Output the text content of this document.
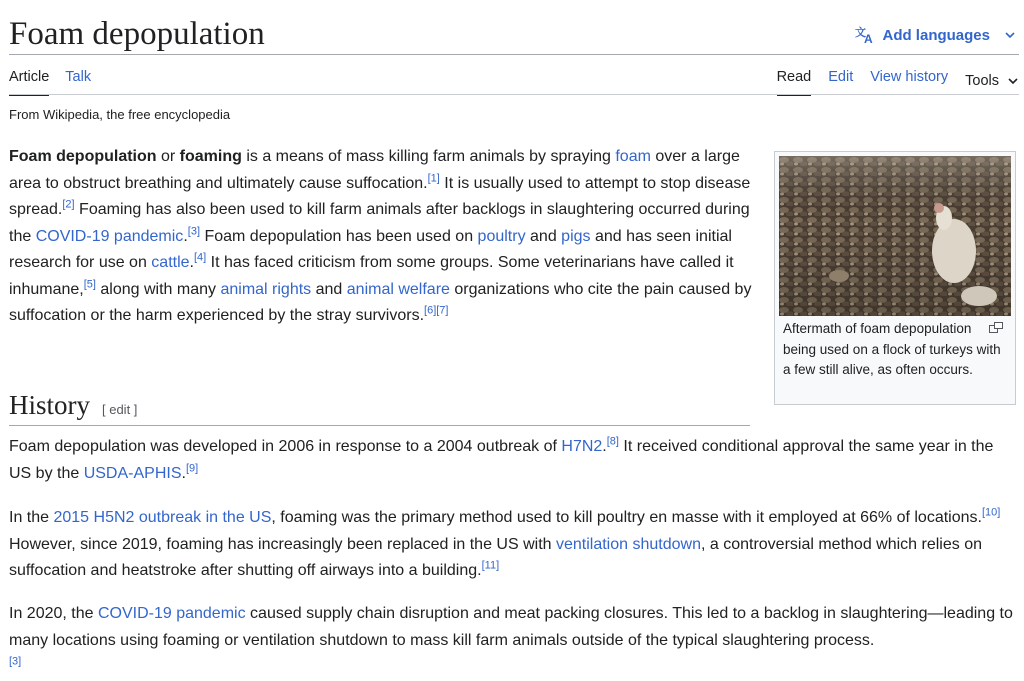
Foam depopulation	文
A Add languages
Article Talk	Read Edit View history Tools
From Wikipedia, the free encyclopedia

Foam depopulation or foaming is a means of mass killing farm animals by spraying foam over a large area to obstruct breathing and ultimately cause suffocation.[1] It is usually used to attempt to stop disease spread.[2] Foaming has also been used to kill farm animals after backlogs in slaughtering occurred during the COVID-19 pandemic.[3] Foam depopulation has been used on poultry and pigs and has seen initial research for use on cattle.[4] It has faced criticism from some groups. Some veterinarians have called it inhumane,[5] along with many animal rights and animal welfare organizations who cite the pain caused by suffocation or the harm experienced by the stray survivors.[6][7]

Aftermath of foam depopulation being used on a flock of turkeys with a few still alive, as often occurs.
History [ edit ]

Foam depopulation was developed in 2006 in response to a 2004 outbreak of H7N2.[8] It received conditional approval the same year in the US by the USDA-APHIS.[9]

In the 2015 H5N2 outbreak in the US, foaming was the primary method used to kill poultry en masse with it employed at 66% of locations.[10] However, since 2019, foaming has increasingly been replaced in the US with ventilation shutdown, a controversial method which relies on suffocation and heatstroke after shutting off airways into a building.[11]

In 2020, the COVID-19 pandemic caused supply chain disruption and meat packing closures. This led to a backlog in slaughtering—leading to many locations using foaming or ventilation shutdown to mass kill farm animals outside of the typical slaughtering process.
[3]
